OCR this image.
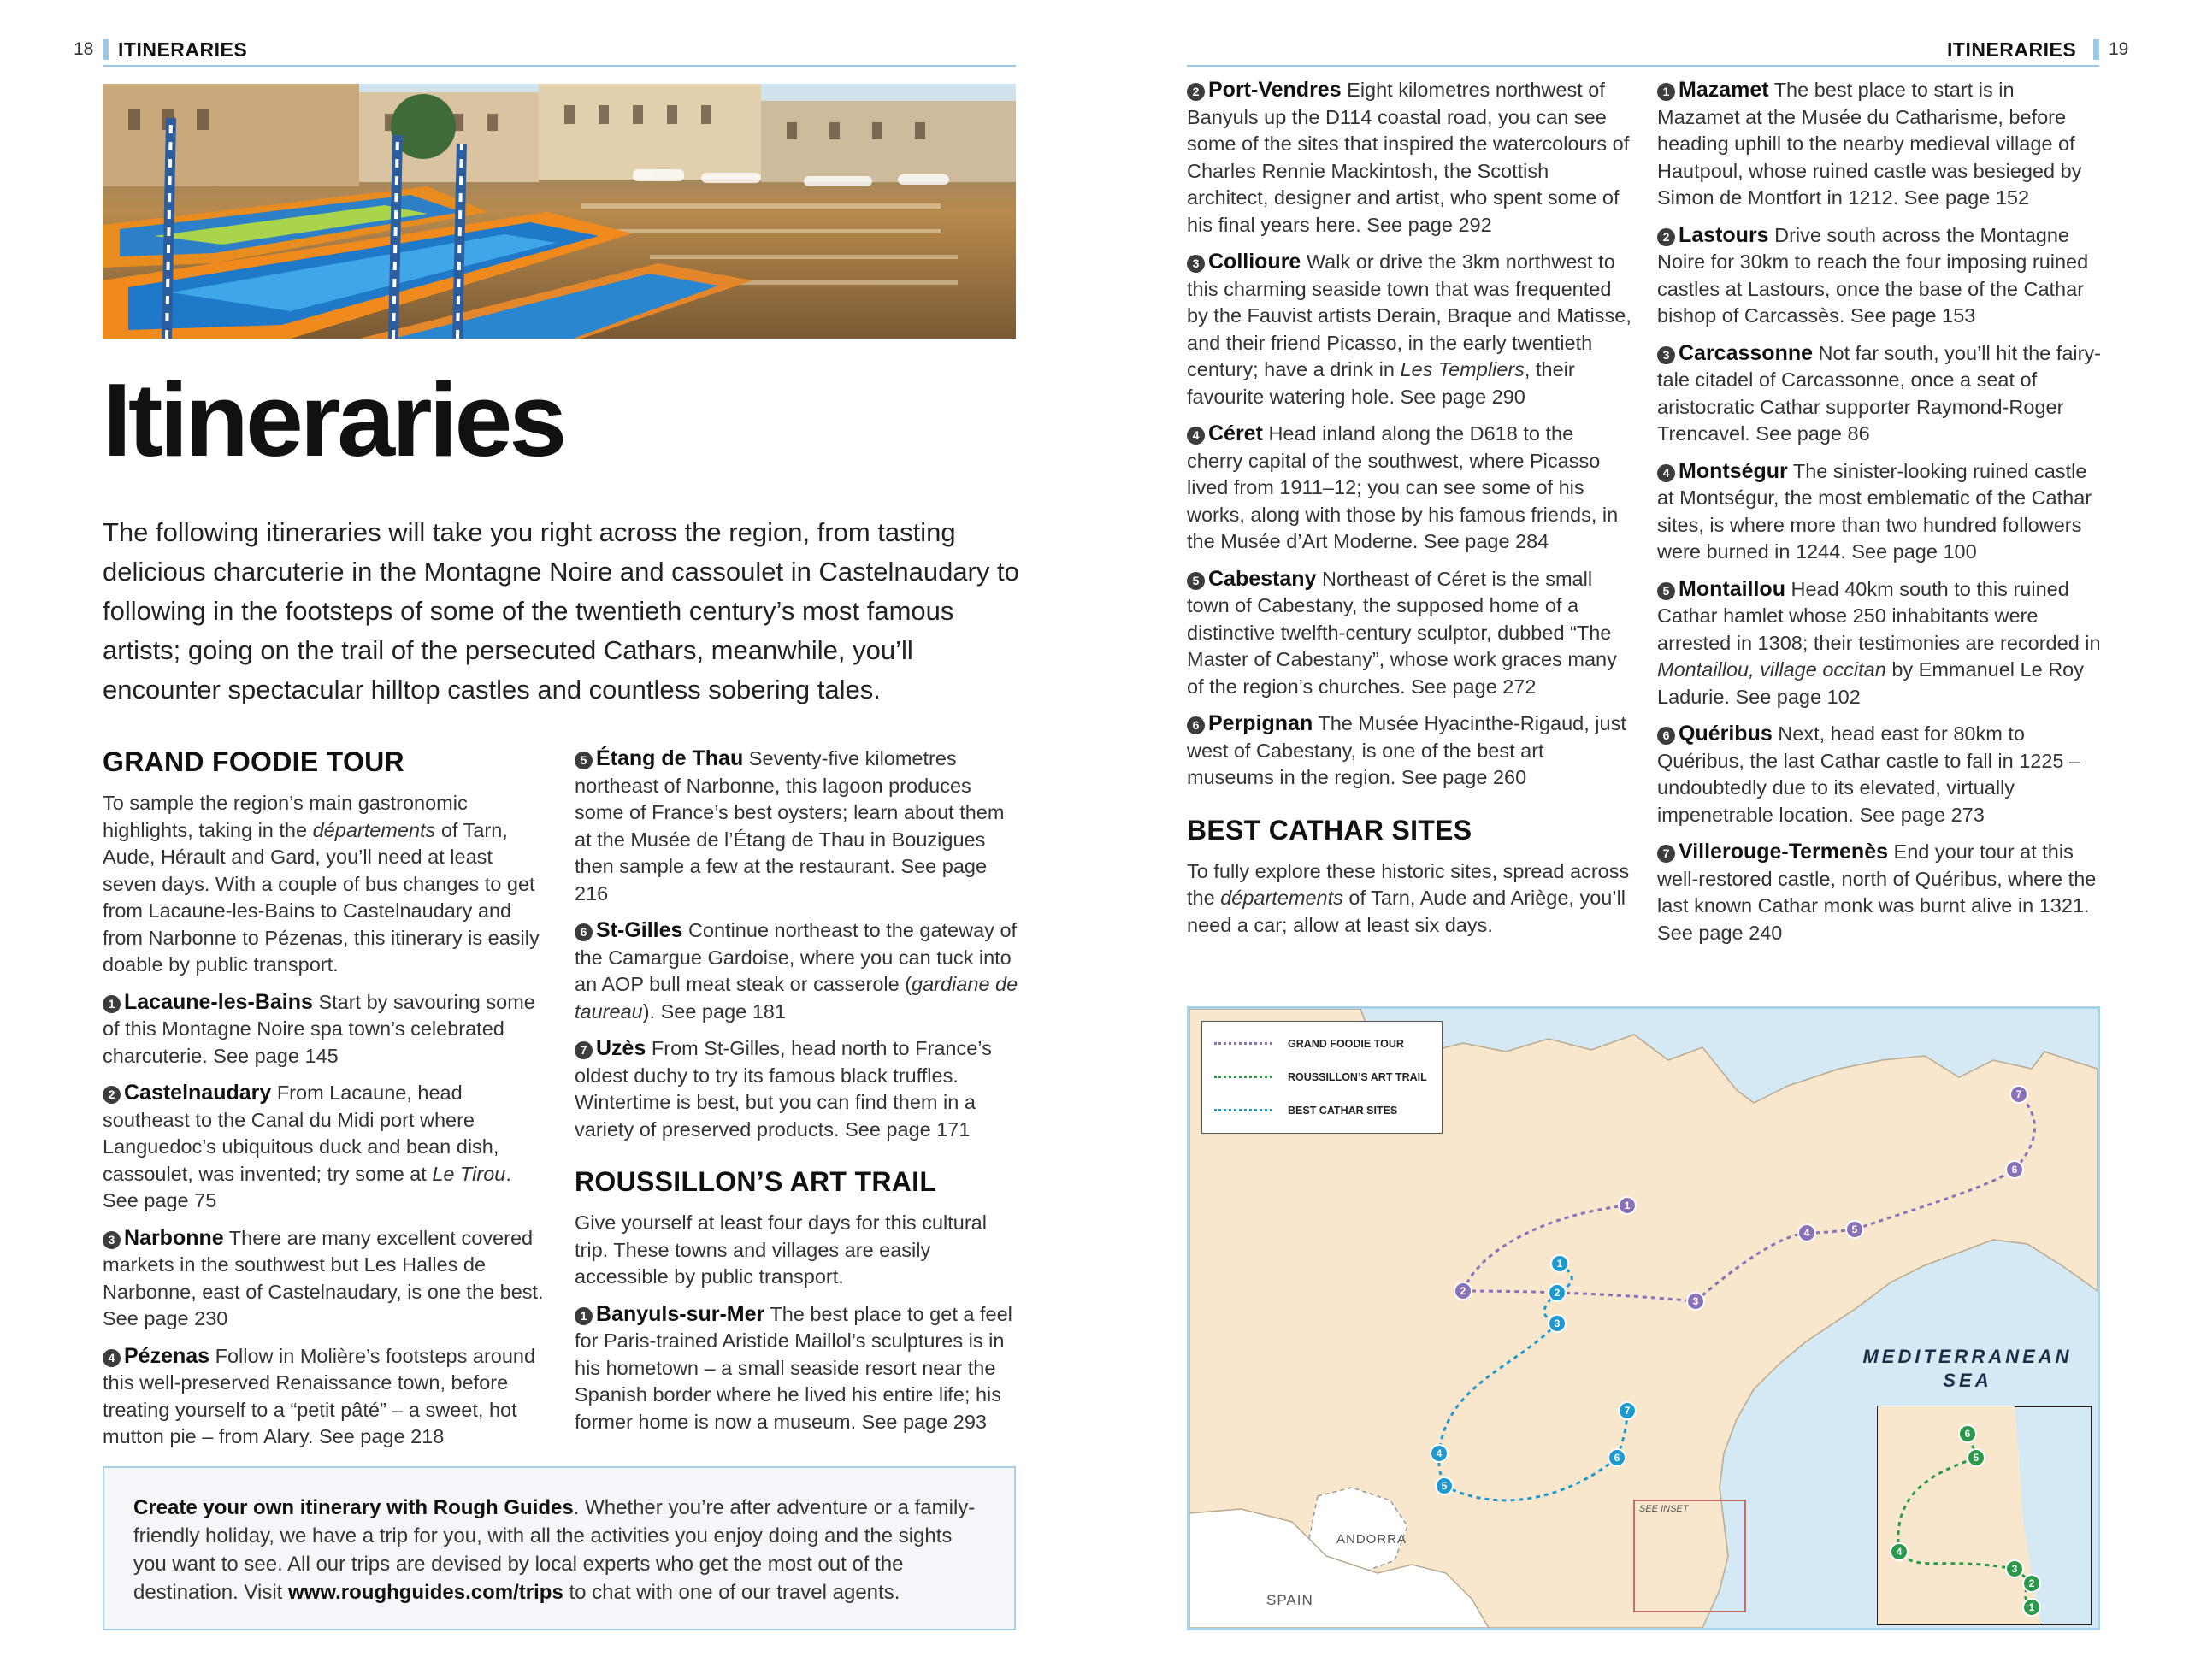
18 ITINERARIES
Itineraries
The following itineraries will take you right across the region, from tasting delicious charcuterie in the Montagne Noire and cassoulet in Castelnaudary to following in the footsteps of some of the twentieth century’s most famous artists; going on the trail of the persecuted Cathars, meanwhile, you’ll encounter spectacular hilltop castles and countless sobering tales.
GRAND FOODIE TOUR

To sample the region’s main gastronomic highlights, taking in the départements of Tarn, Aude, Hérault and Gard, you’ll need at least seven days. With a couple of bus changes to get from Lacaune-les-Bains to Castelnaudary and from Narbonne to Pézenas, this itinerary is easily doable by public transport.

1 Lacaune-les-Bains Start by savouring some of this Montagne Noire spa town’s celebrated charcuterie. See page 145

2 Castelnaudary From Lacaune, head southeast to the Canal du Midi port where Languedoc’s ubiquitous duck and bean dish, cassoulet, was invented; try some at Le Tirou. See page 75

3 Narbonne There are many excellent covered markets in the southwest but Les Halles de Narbonne, east of Castelnaudary, is one the best. See page 230

4 Pézenas Follow in Molière’s footsteps around this well-preserved Renaissance town, before treating yourself to a “petit pâté” – a sweet, hot mutton pie – from Alary. See page 218

5 Étang de Thau Seventy-five kilometres northeast of Narbonne, this lagoon produces some of France’s best oysters; learn about them at the Musée de l’Étang de Thau in Bouzigues then sample a few at the restaurant. See page 216

6 St-Gilles Continue northeast to the gateway of the Camargue Gardoise, where you can tuck into an AOP bull meat steak or casserole (gardiane de taureau). See page 181

7 Uzès From St-Gilles, head north to France’s oldest duchy to try its famous black truffles. Wintertime is best, but you can find them in a variety of preserved products. See page 171

ROUSSILLON’S ART TRAIL

Give yourself at least four days for this cultural trip. These towns and villages are easily accessible by public transport.

1 Banyuls-sur-Mer The best place to get a feel for Paris-trained Aristide Maillol’s sculptures is in his hometown – a small seaside resort near the Spanish border where he lived his entire life; his former home is now a museum. See page 293

Create your own itinerary with Rough Guides. Whether you’re after adventure or a family-friendly holiday, we have a trip for you, with all the activities you enjoy doing and the sights you want to see. All our trips are devised by local experts who get the most out of the destination. Visit www.roughguides.com/trips to chat with one of our travel agents.
ITINERARIES 19

2 Port-Vendres Eight kilometres northwest of Banyuls up the D114 coastal road, you can see some of the sites that inspired the watercolours of Charles Rennie Mackintosh, the Scottish architect, designer and artist, who spent some of his final years here. See page 292

3 Collioure Walk or drive the 3km northwest to this charming seaside town that was frequented by the Fauvist artists Derain, Braque and Matisse, and their friend Picasso, in the early twentieth century; have a drink in Les Templiers, their favourite watering hole. See page 290

4 Céret Head inland along the D618 to the cherry capital of the southwest, where Picasso lived from 1911–12; you can see some of his works, along with those by his famous friends, in the Musée d’Art Moderne. See page 284

5 Cabestany Northeast of Céret is the small town of Cabestany, the supposed home of a distinctive twelfth-century sculptor, dubbed “The Master of Cabestany”, whose work graces many of the region’s churches. See page 272

6 Perpignan The Musée Hyacinthe-Rigaud, just west of Cabestany, is one of the best art museums in the region. See page 260

BEST CATHAR SITES

To fully explore these historic sites, spread across the départements of Tarn, Aude and Ariège, you’ll need a car; allow at least six days.

1 Mazamet The best place to start is in Mazamet at the Musée du Catharisme, before heading uphill to the nearby medieval village of Hautpoul, whose ruined castle was besieged by Simon de Montfort in 1212. See page 152

2 Lastours Drive south across the Montagne Noire for 30km to reach the four imposing ruined castles at Lastours, once the base of the Cathar bishop of Carcassès. See page 153

3 Carcassonne Not far south, you’ll hit the fairy-tale citadel of Carcassonne, once a seat of aristocratic Cathar supporter Raymond-Roger Trencavel. See page 86

4 Montségur The sinister-looking ruined castle at Montségur, the most emblematic of the Cathar sites, is where more than two hundred followers were burned in 1244. See page 100

5 Montaillou Head 40km south to this ruined Cathar hamlet whose 250 inhabitants were arrested in 1308; their testimonies are recorded in Montaillou, village occitan by Emmanuel Le Roy Ladurie. See page 102

6 Quéribus Next, head east for 80km to Quéribus, the last Cathar castle to fall in 1225 – undoubtedly due to its elevated, virtually impenetrable location. See page 273

7 Villerouge-Termenès End your tour at this well-restored castle, north of Quéribus, where the last known Cathar monk was burnt alive in 1321. See page 240

1
2
3
4	5
6
7
1
2
3
4
5
6
7
1
2
3
4
5
6
GRAND FOODIE TOUR
ROUSSILLON’S ART TRAIL
BEST CATHAR SITES
MEDITERRANEAN
SEA
SPAIN
ANDORRA
SEE INSET
